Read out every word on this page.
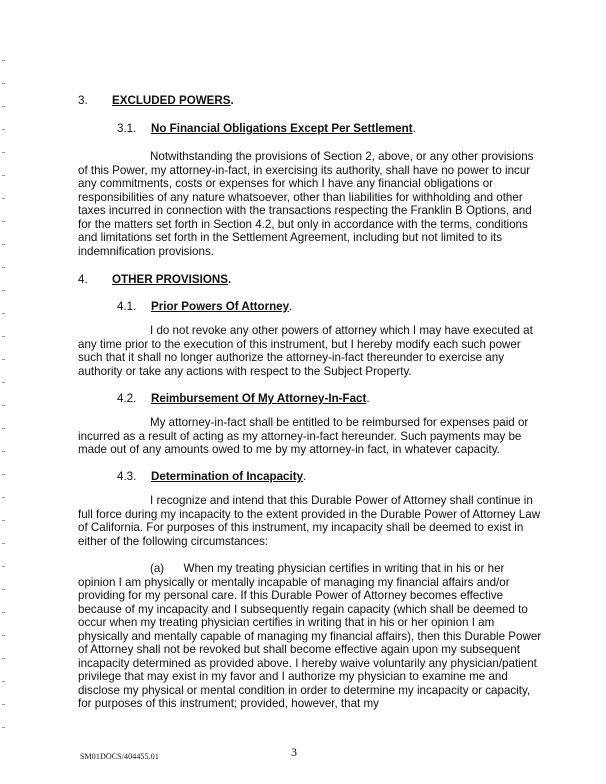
3. EXCLUDED POWERS.
3.1. No Financial Obligations Except Per Settlement.
Notwithstanding the provisions of Section 2, above, or any other provisions of this Power, my attorney-in-fact, in exercising its authority, shall have no power to incur any commitments, costs or expenses for which I have any financial obligations or responsibilities of any nature whatsoever, other than liabilities for withholding and other taxes incurred in connection with the transactions respecting the Franklin B Options, and for the matters set forth in Section 4.2, but only in accordance with the terms, conditions and limitations set forth in the Settlement Agreement, including but not limited to its indemnification provisions.
4. OTHER PROVISIONS.
4.1. Prior Powers Of Attorney.
I do not revoke any other powers of attorney which I may have executed at any time prior to the execution of this instrument, but I hereby modify each such power such that it shall no longer authorize the attorney-in-fact thereunder to exercise any authority or take any actions with respect to the Subject Property.
4.2. Reimbursement Of My Attorney-In-Fact.
My attorney-in-fact shall be entitled to be reimbursed for expenses paid or incurred as a result of acting as my attorney-in-fact hereunder. Such payments may be made out of any amounts owed to me by my attorney-in fact, in whatever capacity.
4.3. Determination of Incapacity.
I recognize and intend that this Durable Power of Attorney shall continue in full force during my incapacity to the extent provided in the Durable Power of Attorney Law of California. For purposes of this instrument, my incapacity shall be deemed to exist in either of the following circumstances:
(a)      When my treating physician certifies in writing that in his or her opinion I am physically or mentally incapable of managing my financial affairs and/or providing for my personal care. If this Durable Power of Attorney becomes effective because of my incapacity and I subsequently regain capacity (which shall be deemed to occur when my treating physician certifies in writing that in his or her opinion I am physically and mentally capable of managing my financial affairs), then this Durable Power of Attorney shall not be revoked but shall become effective again upon my subsequent incapacity determined as provided above. I hereby waive voluntarily any physician/patient privilege that may exist in my favor and I authorize my physician to examine me and disclose my physical or mental condition in order to determine my incapacity or capacity, for purposes of this instrument; provided, however, that my
SM01DOCS/404455.01	3
